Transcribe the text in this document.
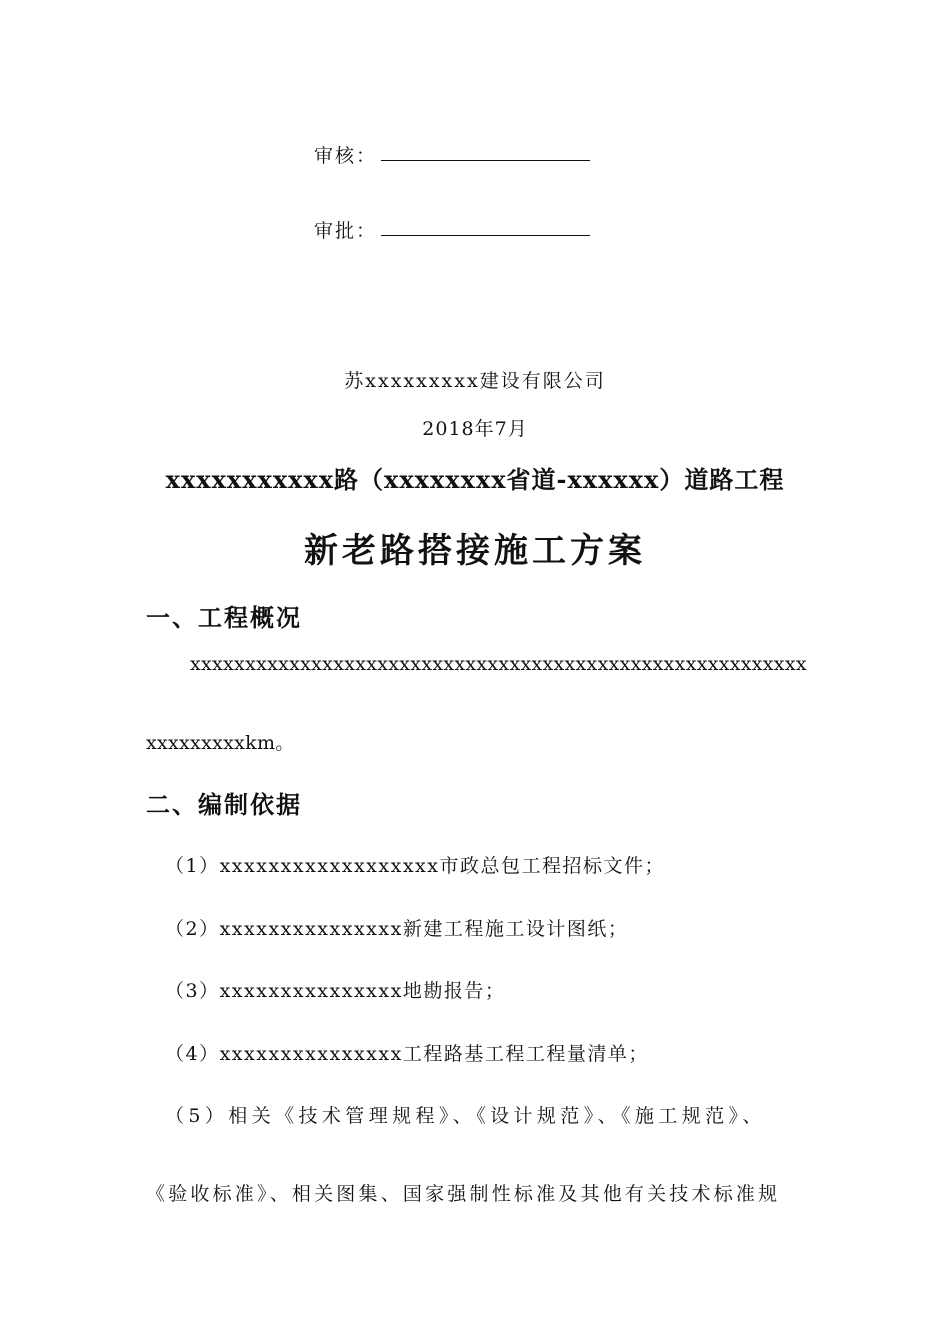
审核：
审批：
苏xxxxxxxxx建设有限公司
2018年7月
xxxxxxxxxxx路（xxxxxxxx省道-xxxxxx）道路工程
新老路搭接施工方案
一、工程概况
xxxxxxxxxxxxxxxxxxxxxxxxxxxxxxxxxxxxxxxxxxxxxxxxxxxxxxxx
xxxxxxxxxkm。
二、编制依据
（1）xxxxxxxxxxxxxxxxxx市政总包工程招标文件；
（2）xxxxxxxxxxxxxxx新建工程施工设计图纸；
（3）xxxxxxxxxxxxxxx地勘报告；
（4）xxxxxxxxxxxxxxx工程路基工程工程量清单；
（5）相关《技术管理规程》、《设计规范》、《施工规范》、
《验收标准》、相关图集、国家强制性标准及其他有关技术标准规
